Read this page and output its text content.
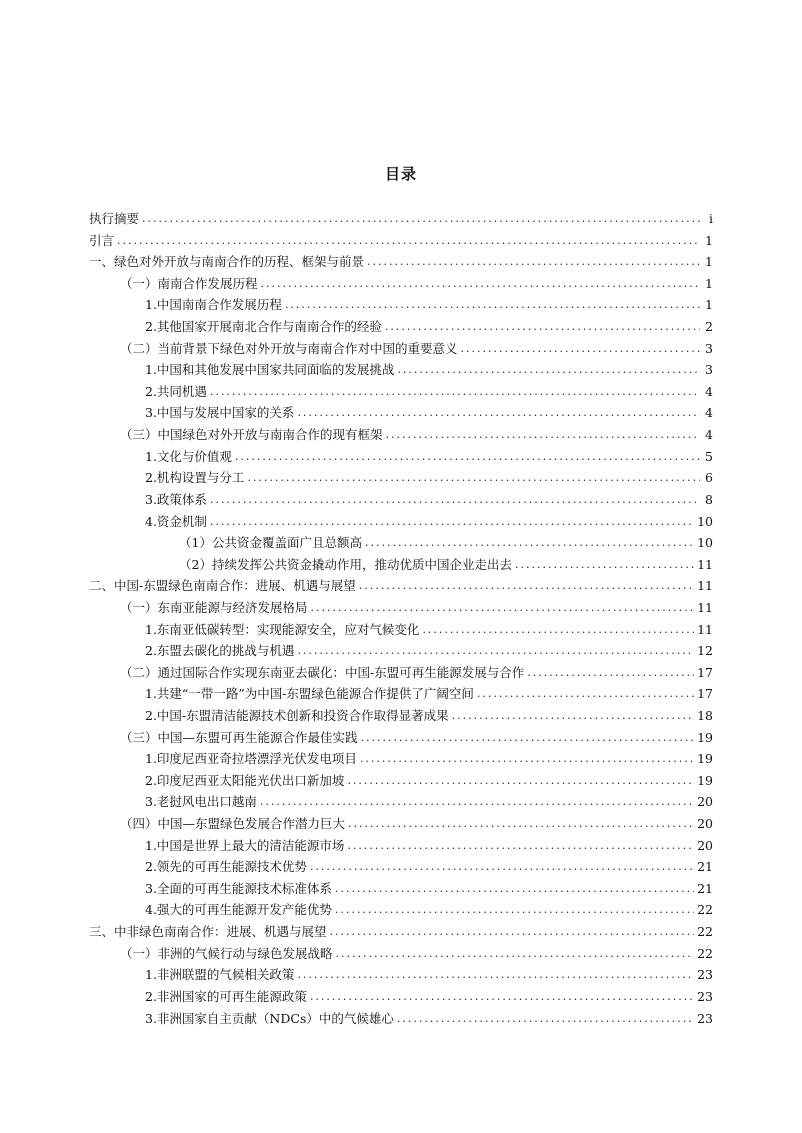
目录
执行摘要 .....	i
引言 .....	1
一、绿色对外开放与南南合作的历程、框架与前景 .....	1
（一）南南合作发展历程 .....	1
1.中国南南合作发展历程 .....	1
2.其他国家开展南北合作与南南合作的经验 .....	2
（二）当前背景下绿色对外开放与南南合作对中国的重要意义 .....	3
1.中国和其他发展中国家共同面临的发展挑战 .....	3
2.共同机遇 .....	4
3.中国与发展中国家的关系 .....	4
（三）中国绿色对外开放与南南合作的现有框架 .....	4
1.文化与价值观 .....	5
2.机构设置与分工 .....	6
3.政策体系 .....	8
4.资金机制 .....	10
（1）公共资金覆盖面广且总额高 .....	10
（2）持续发挥公共资金撬动作用，推动优质中国企业走出去 .....	11
二、中国-东盟绿色南南合作：进展、机遇与展望 .....	11
（一）东南亚能源与经济发展格局 .....	11
1.东南亚低碳转型：实现能源安全，应对气候变化 .....	11
2.东盟去碳化的挑战与机遇 .....	12
（二）通过国际合作实现东南亚去碳化：中国-东盟可再生能源发展与合作 .....	17
1.共建“一带一路”为中国-东盟绿色能源合作提供了广阔空间 .....	17
2.中国-东盟清洁能源技术创新和投资合作取得显著成果 .....	18
（三）中国—东盟可再生能源合作最佳实践 .....	19
1.印度尼西亚奇拉塔漂浮光伏发电项目 .....	19
2.印度尼西亚太阳能光伏出口新加坡 .....	19
3.老挝风电出口越南 .....	20
（四）中国—东盟绿色发展合作潜力巨大 .....	20
1.中国是世界上最大的清洁能源市场 .....	20
2.领先的可再生能源技术优势 .....	21
3.全面的可再生能源技术标准体系 .....	21
4.强大的可再生能源开发产能优势 .....	22
三、中非绿色南南合作：进展、机遇与展望 .....	22
（一）非洲的气候行动与绿色发展战略 .....	22
1.非洲联盟的气候相关政策 .....	23
2.非洲国家的可再生能源政策 .....	23
3.非洲国家自主贡献（NDCs）中的气候雄心 .....	23
